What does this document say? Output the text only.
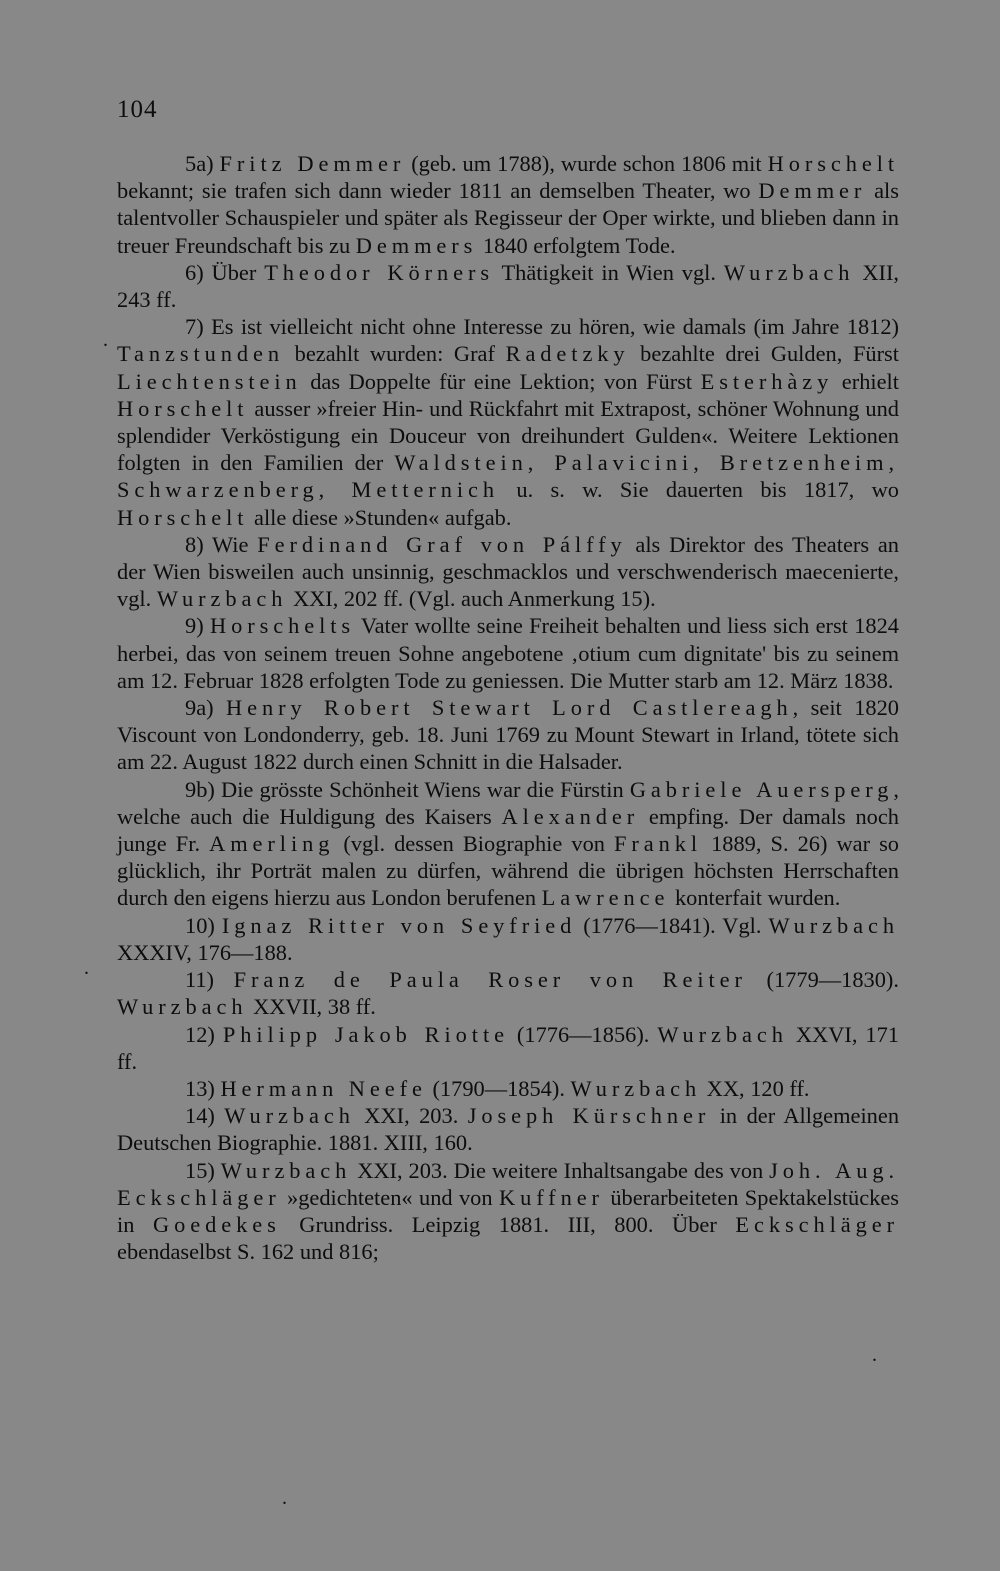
104

5a) Fritz Demmer (geb. um 1788), wurde schon 1806 mit Horschelt bekannt; sie trafen sich dann wieder 1811 an demselben Theater, wo Demmer als talentvoller Schauspieler und später als Regisseur der Oper wirkte, und blieben dann in treuer Freundschaft bis zu Demmers 1840 erfolgtem Tode.

6) Über Theodor Körners Thätigkeit in Wien vgl. Wurzbach XII, 243 ff.

7) Es ist vielleicht nicht ohne Interesse zu hören, wie damals (im Jahre 1812) Tanzstunden bezahlt wurden: Graf Radetzky bezahlte drei Gulden, Fürst Liechtenstein das Doppelte für eine Lektion; von Fürst Esterhàzy erhielt Horschelt ausser »freier Hin- und Rückfahrt mit Extrapost, schöner Wohnung und splendider Verköstigung ein Douceur von dreihundert Gulden«. Weitere Lektionen folgten in den Familien der Waldstein, Palavicini, Bretzenheim, Schwarzenberg, Metternich u. s. w. Sie dauerten bis 1817, wo Horschelt alle diese »Stunden« aufgab.

8) Wie Ferdinand Graf von Pálffy als Direktor des Theaters an der Wien bisweilen auch unsinnig, geschmacklos und verschwenderisch maecenierte, vgl. Wurzbach XXI, 202 ff. (Vgl. auch Anmerkung 15).

9) Horschelts Vater wollte seine Freiheit behalten und liess sich erst 1824 herbei, das von seinem treuen Sohne angebotene ‚otium cum dignitate' bis zu seinem am 12. Februar 1828 erfolgten Tode zu geniessen. Die Mutter starb am 12. März 1838.

9a) Henry Robert Stewart Lord Castlereagh, seit 1820 Viscount von Londonderry, geb. 18. Juni 1769 zu Mount Stewart in Irland, tötete sich am 22. August 1822 durch einen Schnitt in die Halsader.

9b) Die grösste Schönheit Wiens war die Fürstin Gabriele Auersperg, welche auch die Huldigung des Kaisers Alexander empfing. Der damals noch junge Fr. Amerling (vgl. dessen Biographie von Frankl 1889, S. 26) war so glücklich, ihr Porträt malen zu dürfen, während die übrigen höchsten Herrschaften durch den eigens hierzu aus London berufenen Lawrence konterfait wurden.

10) Ignaz Ritter von Seyfried (1776—1841). Vgl. Wurzbach XXXIV, 176—188.

11) Franz de Paula Roser von Reiter (1779—1830). Wurzbach XXVII, 38 ff.

12) Philipp Jakob Riotte (1776—1856). Wurzbach XXVI, 171 ff.

13) Hermann Neefe (1790—1854). Wurzbach XX, 120 ff.

14) Wurzbach XXI, 203. Joseph Kürschner in der Allgemeinen Deutschen Biographie. 1881. XIII, 160.

15) Wurzbach XXI, 203. Die weitere Inhaltsangabe des von Joh. Aug. Eckschläger »gedichteten« und von Kuffner überarbeiteten Spektakelstückes in Goedekes Grundriss. Leipzig 1881. III, 800. Über Eckschläger ebendaselbst S. 162 und 816;

.
.
.
.
